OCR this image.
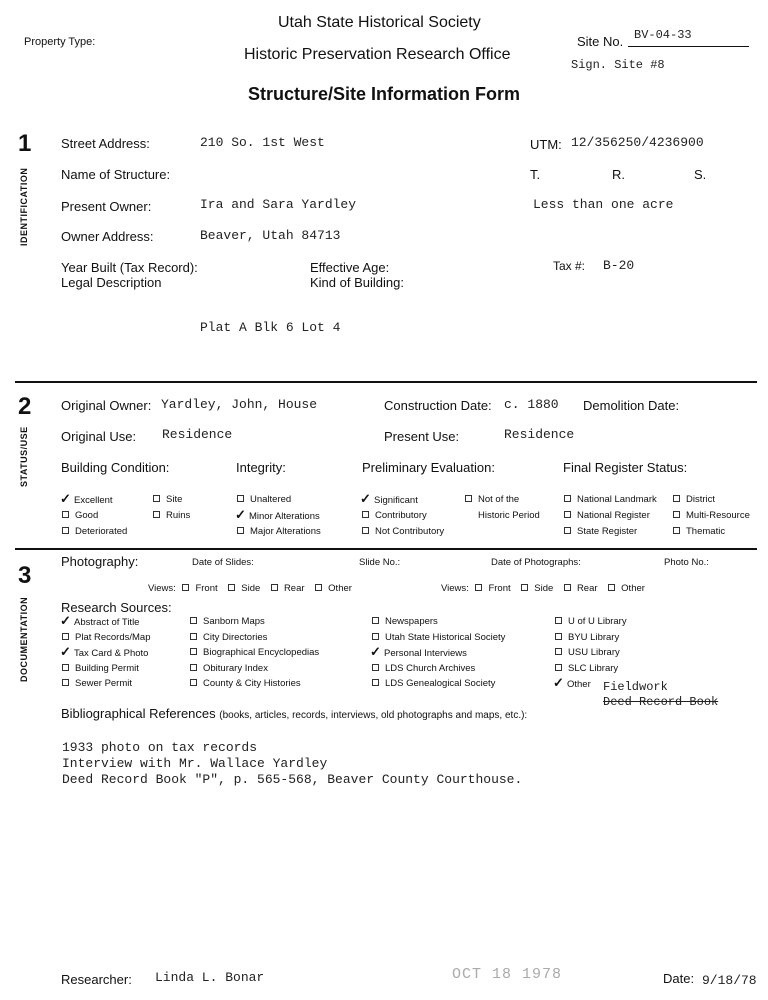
Utah State Historical Society
Historic Preservation Research Office
Structure/Site Information Form
Property Type:	Site No. BV-04-33
Sign. Site #8
1
IDENTIFICATION
Street Address:	210 So. 1st West	UTM: 12/356250/4236900
Name of Structure:	T.	R.	S.
Present Owner:	Ira and Sara Yardley	Less than one acre
Owner Address:	Beaver, Utah 84713
Year Built (Tax Record):	Effective Age:	Tax #: B-20
Legal Description	Kind of Building:
Plat A Blk 6 Lot 4
2
STATUS/USE
Original Owner: Yardley, John, House	Construction Date: c. 1880 Demolition Date:
Original Use: Residence	Present Use:	Residence
Building Condition:	Integrity:	Preliminary Evaluation:	Final Register Status:
✓ Excellent
Good
Deteriorated
Site
Ruins
Unaltered
✓ Minor Alterations
Major Alterations
✓ Significant
Contributory
Not Contributory
Not of the
Historic Period
National Landmark
National Register
State Register
District
Multi-Resource
Thematic
3
DOCUMENTATION
Photography:	Date of Slides:	Slide No.:	Date of Photographs:	Photo No.:
Views: Front Side Rear Other	Views: Front Side Rear Other
Research Sources:
✓ Abstract of Title
Plat Records/Map
✓ Tax Card & Photo
Building Permit
Sewer Permit
Sanborn Maps
City Directories
Biographical Encyclopedias
Obiturary Index
County & City Histories
Newspapers
Utah State Historical Society
✓ Personal Interviews
LDS Church Archives
LDS Genealogical Society
U of U Library
BYU Library
USU Library
SLC Library
✓ Other Fieldwork
Deed Record Book
Bibliographical References (books, articles, records, interviews, old photographs and maps, etc.):
1933 photo on tax records
Interview with Mr. Wallace Yardley
Deed Record Book "P", p. 565-568, Beaver County Courthouse.
Researcher: Linda L. Bonar	OCT 18 1978	Date: 9/18/78
